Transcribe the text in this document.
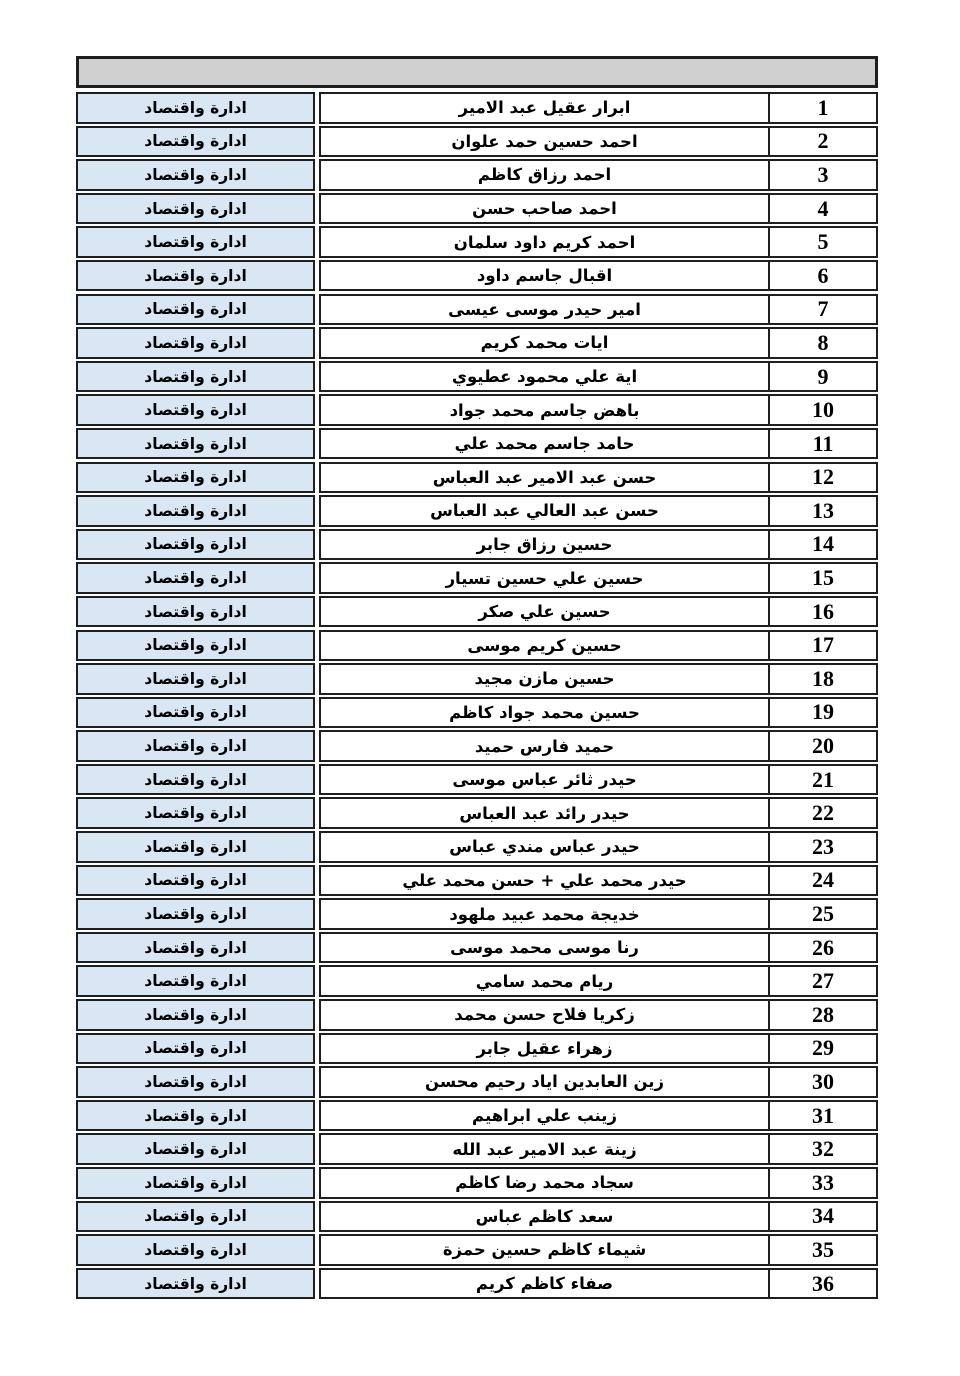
ادارة واقتصاد	ابرار عقيل عبد الامير	1
ادارة واقتصاد	احمد حسين حمد علوان	2
ادارة واقتصاد	احمد رزاق كاظم	3
ادارة واقتصاد	احمد صاحب حسن	4
ادارة واقتصاد	احمد كريم داود سلمان	5
ادارة واقتصاد	اقبال جاسم داود	6
ادارة واقتصاد	امير حيدر موسى عيسى	7
ادارة واقتصاد	ايات محمد كريم	8
ادارة واقتصاد	اية علي محمود عطيوي	9
ادارة واقتصاد	باهض جاسم محمد جواد	10
ادارة واقتصاد	حامد جاسم محمد علي	11
ادارة واقتصاد	حسن عبد الامير عبد العباس	12
ادارة واقتصاد	حسن عبد العالي عبد العباس	13
ادارة واقتصاد	حسين رزاق جابر	14
ادارة واقتصاد	حسين علي حسين تسيار	15
ادارة واقتصاد	حسين علي صكر	16
ادارة واقتصاد	حسين كريم موسى	17
ادارة واقتصاد	حسين مازن مجيد	18
ادارة واقتصاد	حسين محمد جواد كاظم	19
ادارة واقتصاد	حميد فارس حميد	20
ادارة واقتصاد	حيدر ثائر عباس موسى	21
ادارة واقتصاد	حيدر رائد عبد العباس	22
ادارة واقتصاد	حيدر عباس مندي عباس	23
ادارة واقتصاد	حيدر محمد علي + حسن محمد علي	24
ادارة واقتصاد	خديجة محمد عبيد ملهود	25
ادارة واقتصاد	رنا موسى محمد موسى	26
ادارة واقتصاد	ريام محمد سامي	27
ادارة واقتصاد	زكريا فلاح حسن محمد	28
ادارة واقتصاد	زهراء عقيل جابر	29
ادارة واقتصاد	زين العابدين اياد رحيم محسن	30
ادارة واقتصاد	زينب علي ابراهيم	31
ادارة واقتصاد	زينة عبد الامير عبد الله	32
ادارة واقتصاد	سجاد محمد رضا كاظم	33
ادارة واقتصاد	سعد كاظم عباس	34
ادارة واقتصاد	شيماء كاظم حسين حمزة	35
ادارة واقتصاد	صفاء كاظم كريم	36
